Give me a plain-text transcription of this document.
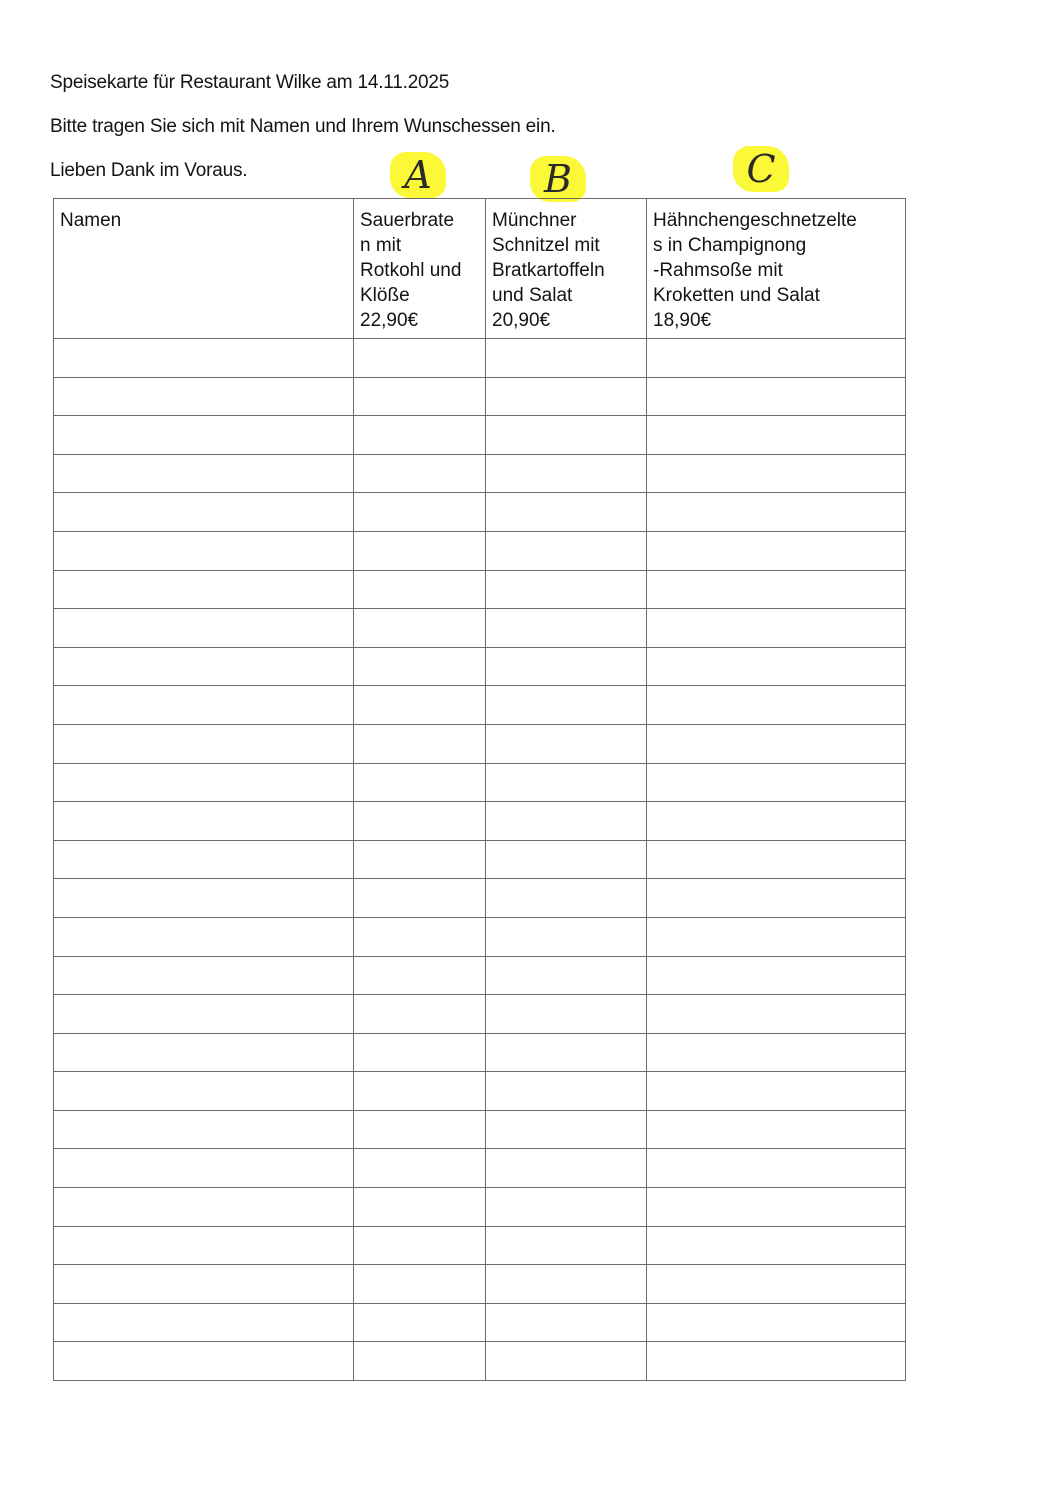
Speisekarte für Restaurant Wilke am 14.11.2025
Bitte tragen Sie sich mit Namen und Ihrem Wunschessen ein.
Lieben Dank im Voraus.	A	B	C
Namen	Sauerbrate
n mit
Rotkohl und
Klöße
22,90€	Münchner
Schnitzel mit
Bratkartoffeln
und Salat
20,90€	Hähnchengeschnetzelte
s in Champignong
-Rahmsoße mit
Kroketten und Salat
18,90€
